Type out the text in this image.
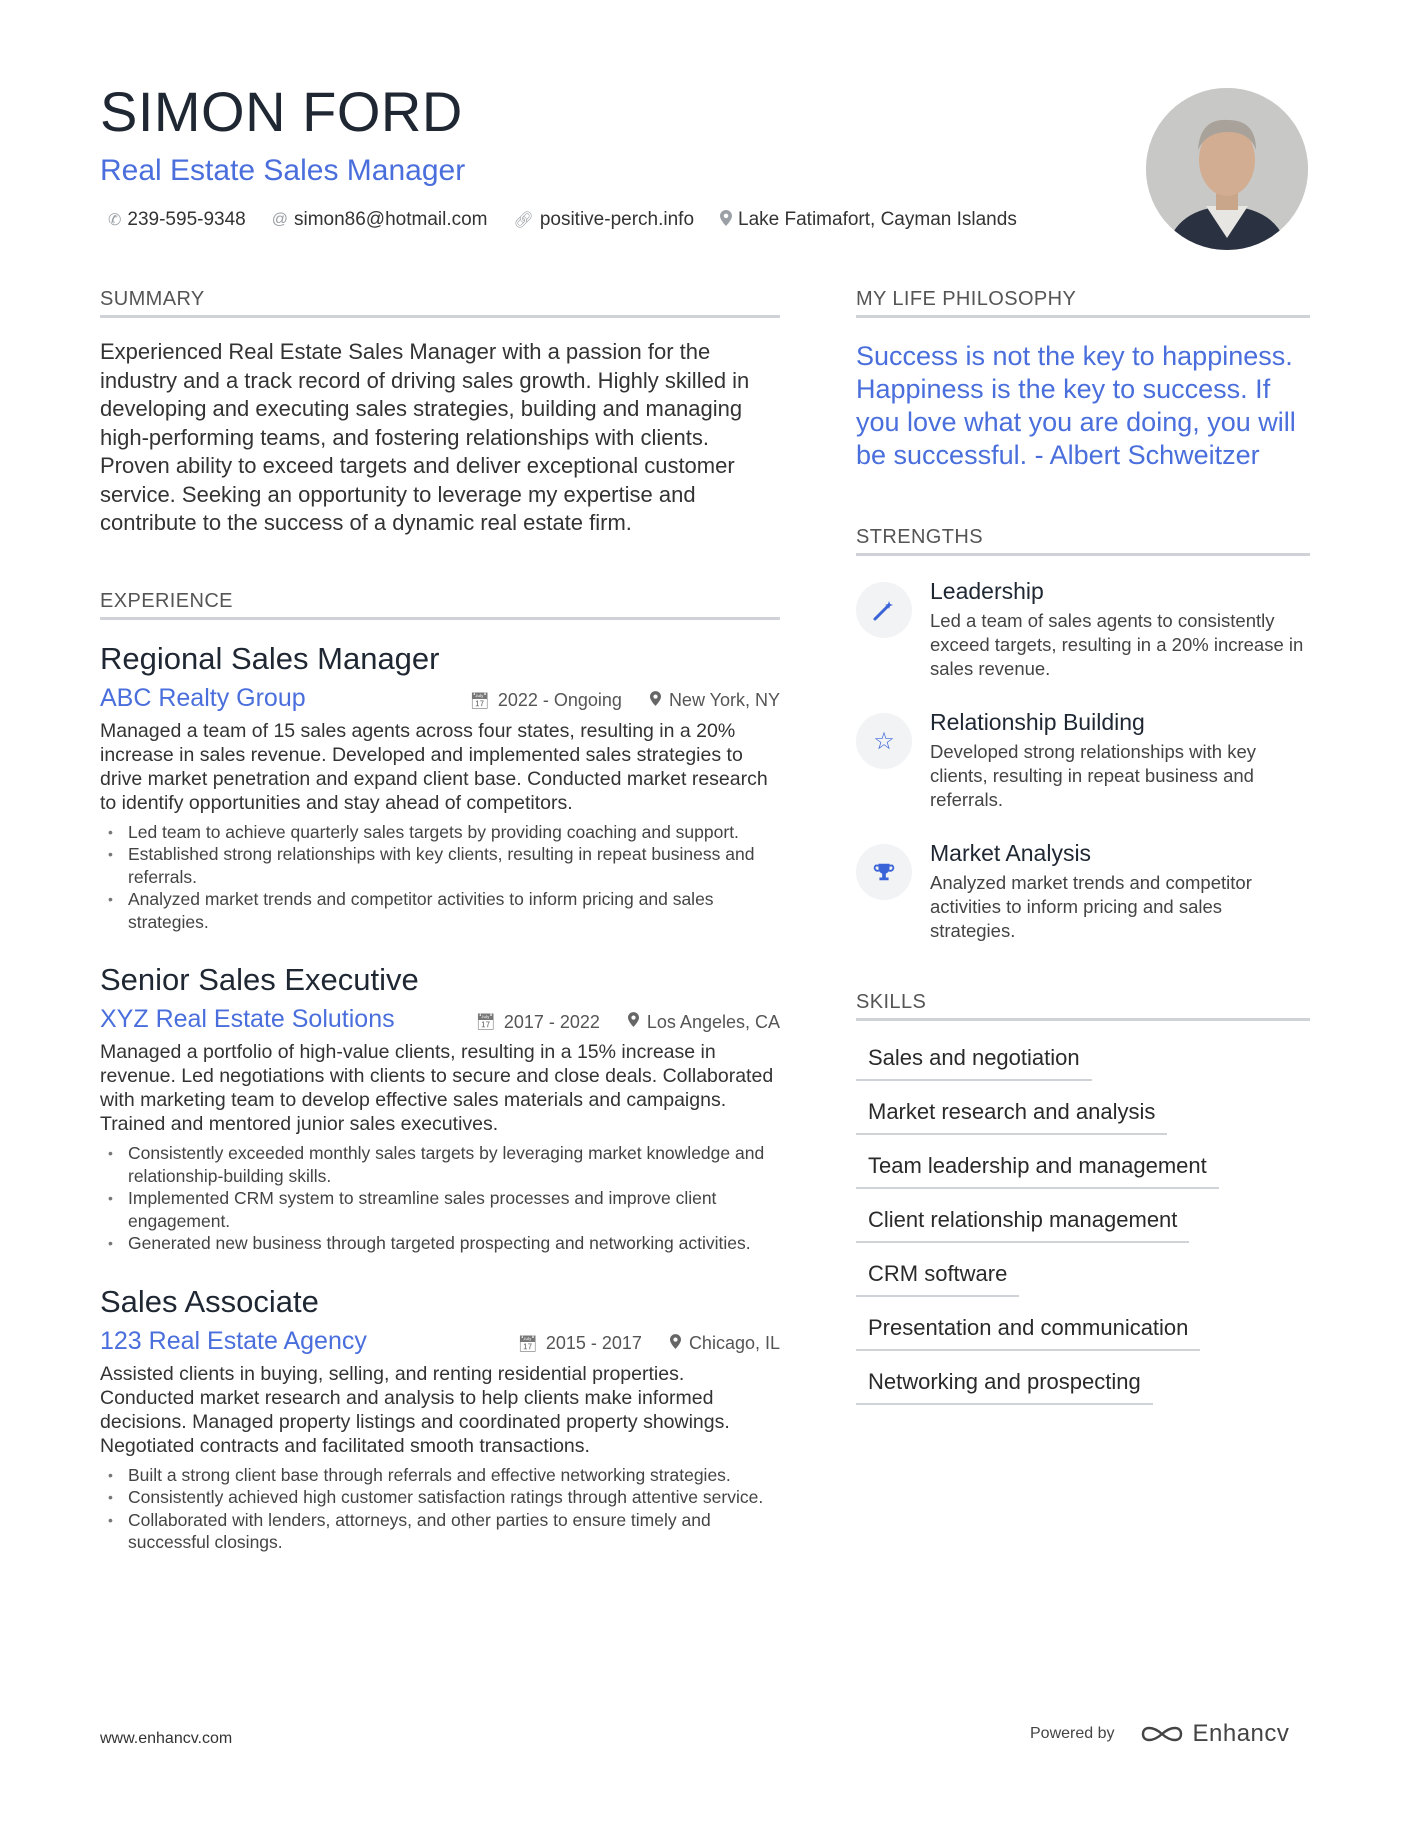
SIMON FORD
Real Estate Sales Manager
✆ 239-595-9348 @ simon86@hotmail.com 🔗︎ positive-perch.info Lake Fatimafort, Cayman Islands
SUMMARY
Experienced Real Estate Sales Manager with a passion for the industry and a track record of driving sales growth. Highly skilled in developing and executing sales strategies, building and managing high-performing teams, and fostering relationships with clients. Proven ability to exceed targets and deliver exceptional customer service. Seeking an opportunity to leverage my expertise and contribute to the success of a dynamic real estate firm.
EXPERIENCE
Regional Sales Manager
ABC Realty Group	📅︎ 2022 - Ongoing	New York, NY
Managed a team of 15 sales agents across four states, resulting in a 20% increase in sales revenue. Developed and implemented sales strategies to drive market penetration and expand client base. Conducted market research to identify opportunities and stay ahead of competitors.
• Led team to achieve quarterly sales targets by providing coaching and support.
• Established strong relationships with key clients, resulting in repeat business and referrals.
• Analyzed market trends and competitor activities to inform pricing and sales strategies.
Senior Sales Executive
XYZ Real Estate Solutions	📅︎ 2017 - 2022	Los Angeles, CA
Managed a portfolio of high-value clients, resulting in a 15% increase in revenue. Led negotiations with clients to secure and close deals. Collaborated with marketing team to develop effective sales materials and campaigns. Trained and mentored junior sales executives.
• Consistently exceeded monthly sales targets by leveraging market knowledge and relationship-building skills.
• Implemented CRM system to streamline sales processes and improve client engagement.
• Generated new business through targeted prospecting and networking activities.
Sales Associate
123 Real Estate Agency	📅︎ 2015 - 2017	Chicago, IL
Assisted clients in buying, selling, and renting residential properties. Conducted market research and analysis to help clients make informed decisions. Managed property listings and coordinated property showings. Negotiated contracts and facilitated smooth transactions.
• Built a strong client base through referrals and effective networking strategies.
• Consistently achieved high customer satisfaction ratings through attentive service.
• Collaborated with lenders, attorneys, and other parties to ensure timely and successful closings.
MY LIFE PHILOSOPHY
Success is not the key to happiness. Happiness is the key to success. If you love what you are doing, you will be successful. - Albert Schweitzer
STRENGTHS
Leadership
Led a team of sales agents to consistently exceed targets, resulting in a 20% increase in sales revenue.
☆
Relationship Building
Developed strong relationships with key clients, resulting in repeat business and referrals.
Market Analysis
Analyzed market trends and competitor activities to inform pricing and sales strategies.
SKILLS
Sales and negotiation
Market research and analysis
Team leadership and management
Client relationship management
CRM software
Presentation and communication
Networking and prospecting
www.enhancv.com	Powered by	Enhancv
